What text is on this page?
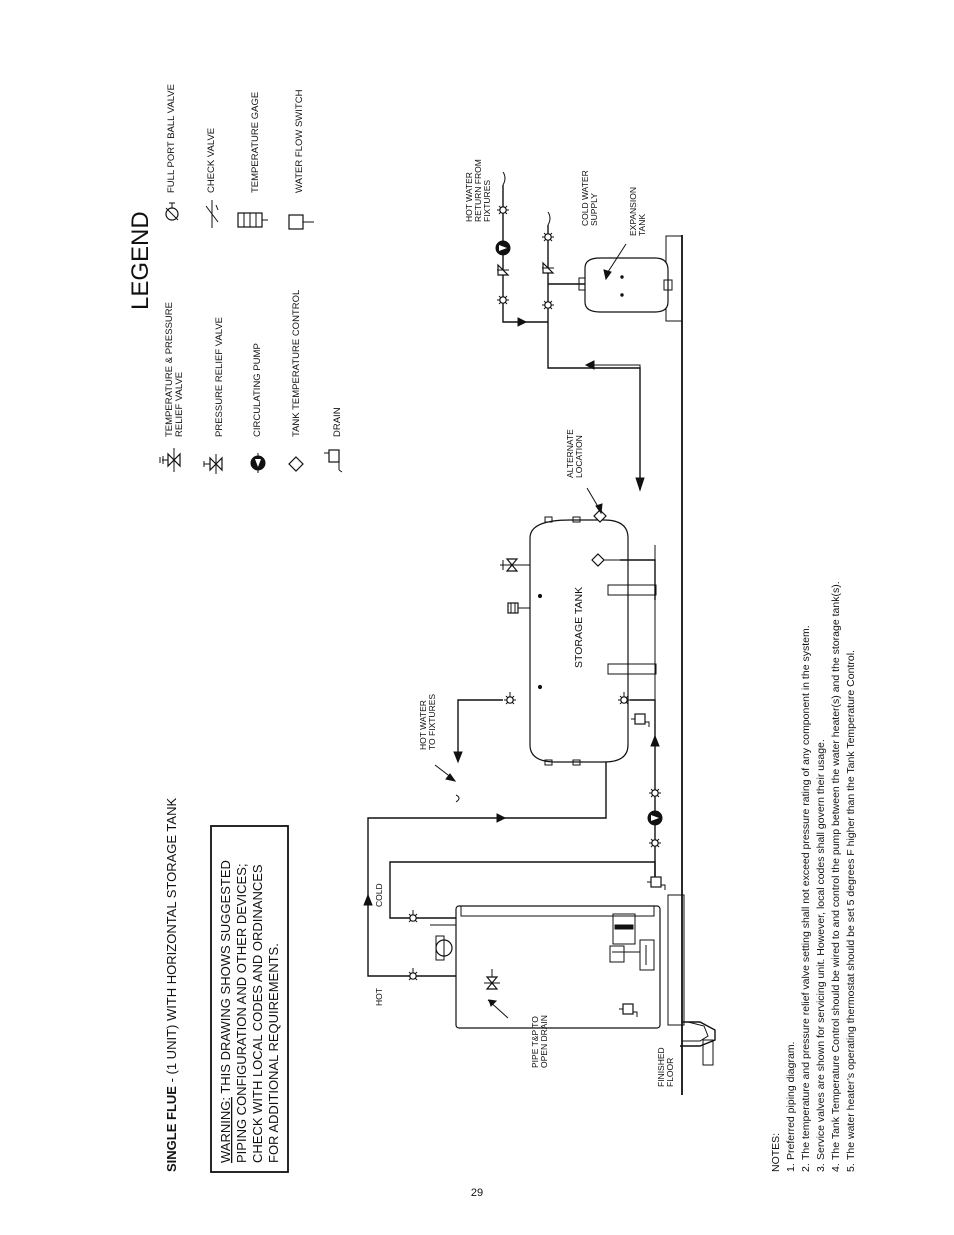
SINGLE FLUE - (1 UNIT) WITH HORIZONTAL STORAGE TANK
WARNING: THIS DRAWING SHOWS SUGGESTED PIPING CONFIGURATION AND OTHER DEVICES; CHECK WITH LOCAL CODES AND ORDINANCES FOR ADDITIONAL REQUIREMENTS.
LEGEND
TEMPERATURE & PRESSURE RELIEF VALVE	PRESSURE RELIEF VALVE	CIRCULATING PUMP	TANK TEMPERATURE CONTROL	DRAIN
FULL PORT BALL VALVE	CHECK VALVE	TEMPERATURE GAGE	WATER FLOW SWITCH
HOT
COLD
PIPE T&P TO OPEN DRAIN	FINISHED FLOOR
HOT WATER TO FIXTURES
STORAGE TANK
ALTERNATE LOCATION
HOT WATER RETURN FROM FIXTURES	COLD WATER SUPPLY	EXPANSION TANK
NOTES: 1.
Preferred piping diagram.
2.
The temperature and pressure relief valve setting shall not exceed pressure rating of any component in the system.
3.
Service valves are shown for servicing unit. However, local codes shall govern their usage.
4.
The Tank Temperature Control should be wired to and control the pump between the water heater(s) and the storage tank(s).
5.
The water heater’s operating thermostat should be set 5 degrees F higher than the Tank Temperature Control.
29
